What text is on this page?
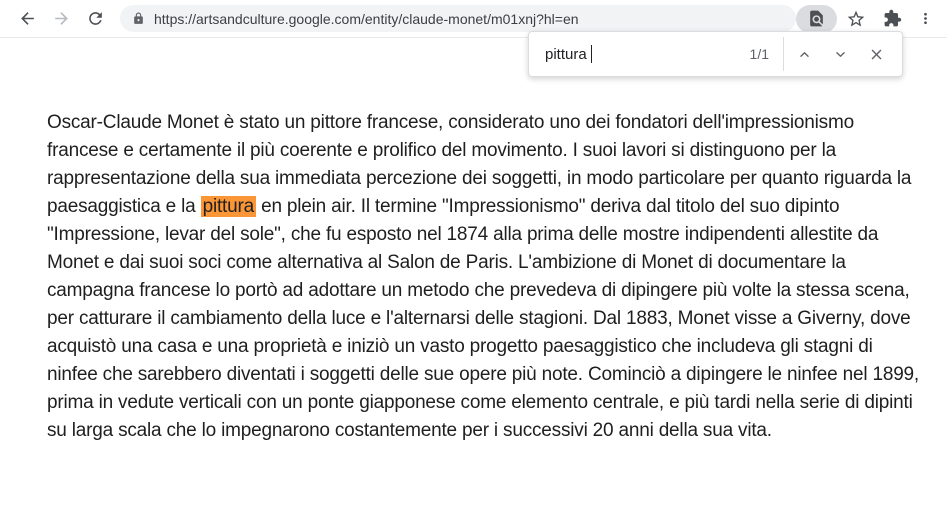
https://artsandculture.google.com/entity/claude-monet/m01xnj?hl=en
pittura	1/1
Oscar-Claude Monet è stato un pittore francese, considerato uno dei fondatori dell'impressionismo francese e certamente il più coerente e prolifico del movimento. I suoi lavori si distinguono per la rappresentazione della sua immediata percezione dei soggetti, in modo particolare per quanto riguarda la paesaggistica e la pittura en plein air. Il termine "Impressionismo" deriva dal titolo del suo dipinto "Impressione, levar del sole", che fu esposto nel 1874 alla prima delle mostre indipendenti allestite da Monet e dai suoi soci come alternativa al Salon de Paris. L'ambizione di Monet di documentare la campagna francese lo portò ad adottare un metodo che prevedeva di dipingere più volte la stessa scena, per catturare il cambiamento della luce e l'alternarsi delle stagioni. Dal 1883, Monet visse a Giverny, dove acquistò una casa e una proprietà e iniziò un vasto progetto paesaggistico che includeva gli stagni di ninfee che sarebbero diventati i soggetti delle sue opere più note. Cominciò a dipingere le ninfee nel 1899, prima in vedute verticali con un ponte giapponese come elemento centrale, e più tardi nella serie di dipinti su larga scala che lo impegnarono costantemente per i successivi 20 anni della sua vita.
